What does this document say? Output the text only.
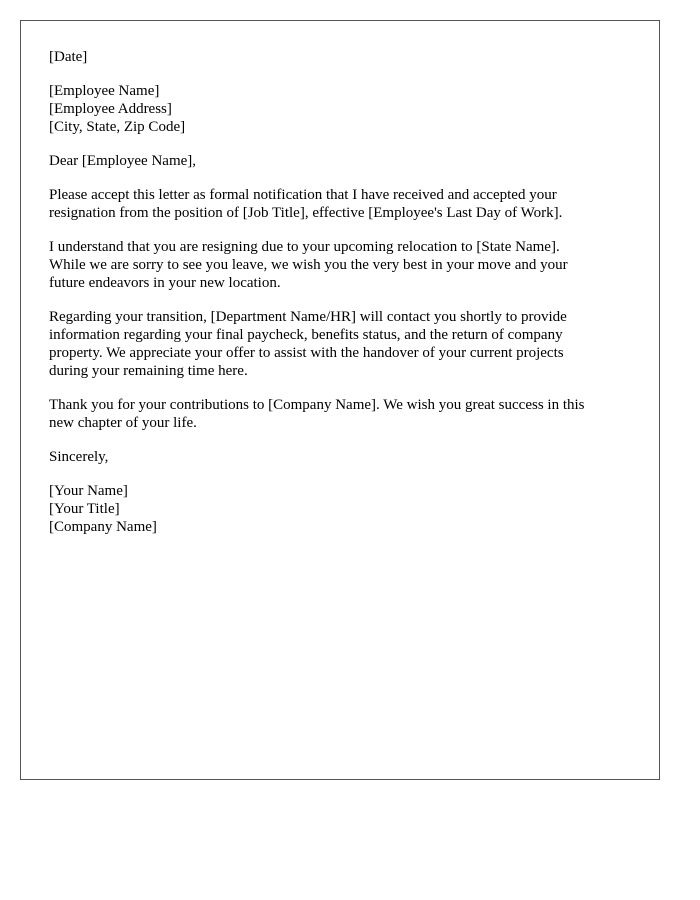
[Date]
[Employee Name]
[Employee Address]
[City, State, Zip Code]
Dear [Employee Name],

Please accept this letter as formal notification that I have received and accepted your
resignation from the position of [Job Title], effective [Employee's Last Day of Work].

I understand that you are resigning due to your upcoming relocation to [State Name].
While we are sorry to see you leave, we wish you the very best in your move and your
future endeavors in your new location.

Regarding your transition, [Department Name/HR] will contact you shortly to provide
information regarding your final paycheck, benefits status, and the return of company
property. We appreciate your offer to assist with the handover of your current projects
during your remaining time here.

Thank you for your contributions to [Company Name]. We wish you great success in this
new chapter of your life.

Sincerely,
[Your Name]
[Your Title]
[Company Name]
